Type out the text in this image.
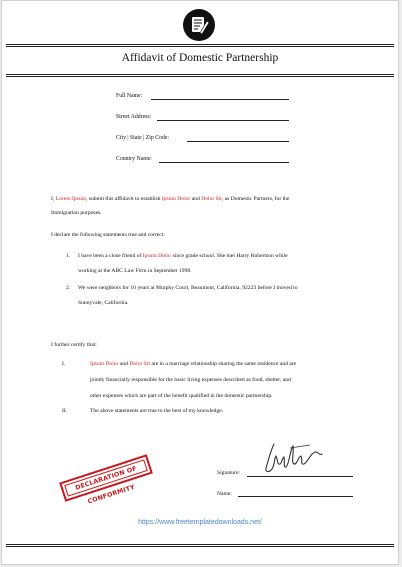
Affidavit of Domestic Partnership
Full Name:
Street Address:
City | State | Zip Code:
Country Name:
I, Lorem Ipsum, submit this affidavit to establish Ipsum Dolor and Dolor Sit, as Domestic Partners, for the
Immigration purposes.
I declare the following statements true and correct:
1. I have been a close friend of Ipsum Dolor since grade school. She met Harry Robertson while
working at the ABC Law Firm in September 1998.
2. We were neighbors for 10 years at Murphy Court, Beaumont, California, 92223 before I moved to
Sunnyvale, California.
I further certify that:
I.	Ipsum Dolor and Dolor Sit are in a marriage relationship sharing the same residence and are
jointly financially responsible for the basic living expenses described as food, shelter, and
other expenses which are part of the benefit qualified in the domestic partnership.
II.	The above statements are true to the best of my knowledge.
Signature:
Name:
DECLARATION OF CONFORMITY
https://www.freetemplatedownloads.net/
